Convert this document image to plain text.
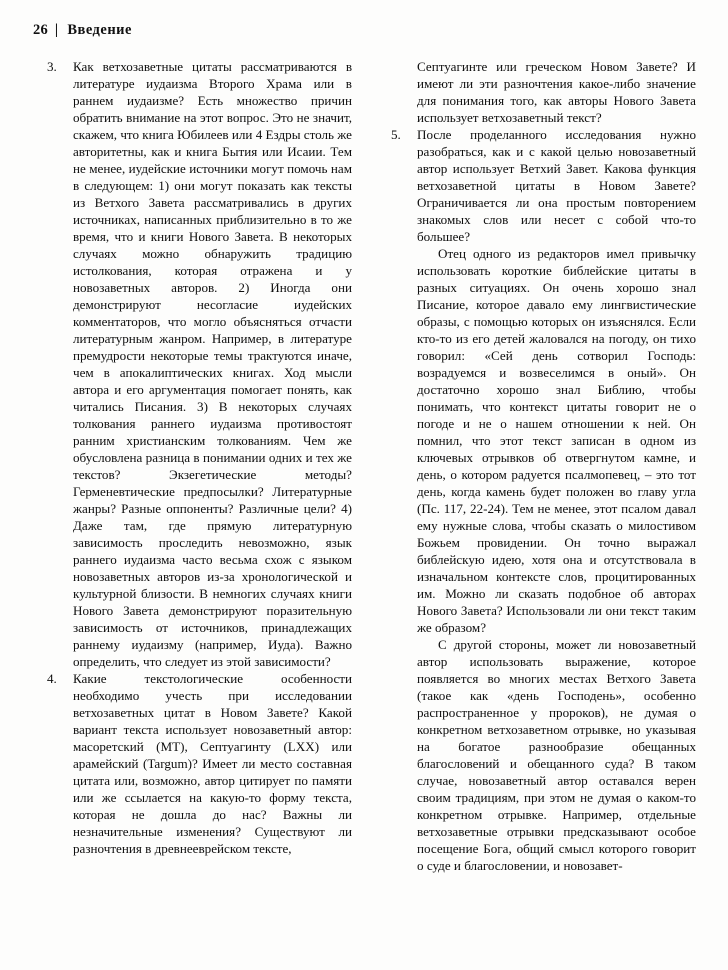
26 | Введение
3.	Как ветхозаветные цитаты рассматриваются в литературе иудаизма Второго Храма или в раннем иудаизме? Есть множество причин обратить внимание на этот вопрос. Это не значит, скажем, что книга Юбилеев или 4 Ездры столь же авторитетны, как и книга Бытия или Исаии. Тем не менее, иудейские источники могут помочь нам в следующем: 1) они могут показать как тексты из Ветхого Завета рассматривались в других источниках, написанных приблизительно в то же время, что и книги Нового Завета. В некоторых случаях можно обнаружить традицию истолкования, которая отражена и у новозаветных авторов. 2) Иногда они демонстрируют несогласие иудейских комментаторов, что могло объясняться отчасти литературным жанром. Например, в литературе премудрости некоторые темы трактуются иначе, чем в апокалиптических книгах. Ход мысли автора и его аргументация помогает понять, как читались Писания. 3) В некоторых случаях толкования раннего иудаизма противостоят ранним христианским толкованиям. Чем же обусловлена разница в понимании одних и тех же текстов? Экзегетические методы? Герменевтические предпосылки? Литературные жанры? Разные оппоненты? Различные цели? 4) Даже там, где прямую литературную зависимость проследить невозможно, язык раннего иудаизма часто весьма схож с языком новозаветных авторов из-за хронологической и культурной близости. В немногих случаях книги Нового Завета демонстрируют поразительную зависимость от источников, принадлежащих раннему иудаизму (например, Иуда). Важно определить, что следует из этой зависимости?
4.	Какие текстологические особенности необходимо учесть при исследовании ветхозаветных цитат в Новом Завете? Какой вариант текста использует новозаветный автор: масоретский (МТ), Септуагинту (LXX) или арамейский (Targum)? Имеет ли место составная цитата или, возможно, автор цитирует по памяти или же ссылается на какую-то форму текста, которая не дошла до нас? Важны ли незначительные изменения? Существуют ли разночтения в древнееврейском тексте,
Септуагинте или греческом Новом Завете? И имеют ли эти разночтения какое-либо значение для понимания того, как авторы Нового Завета использует ветхозаветный текст?
5.	После проделанного исследования нужно разобраться, как и с какой целью новозаветный автор использует Ветхий Завет. Какова функция ветхозаветной цитаты в Новом Завете? Ограничивается ли она простым повторением знакомых слов или несет с собой что-то большее?

Отец одного из редакторов имел привычку использовать короткие библейские цитаты в разных ситуациях. Он очень хорошо знал Писание, которое давало ему лингвистические образы, с помощью которых он изъяснялся. Если кто-то из его детей жаловался на погоду, он тихо говорил: «Сей день сотворил Господь: возрадуемся и возвеселимся в оный». Он достаточно хорошо знал Библию, чтобы понимать, что контекст цитаты говорит не о погоде и не о нашем отношении к ней. Он помнил, что этот текст записан в одном из ключевых отрывков об отвергнутом камне, и день, о котором радуется псалмопевец, – это тот день, когда камень будет положен во главу угла (Пс. 117, 22-24). Тем не менее, этот псалом давал ему нужные слова, чтобы сказать о милостивом Божьем провидении. Он точно выражал библейскую идею, хотя она и отсутствовала в изначальном контексте слов, процитированных им. Можно ли сказать подобное об авторах Нового Завета? Использовали ли они текст таким же образом?

С другой стороны, может ли новозаветный автор использовать выражение, которое появляется во многих местах Ветхого Завета (такое как «день Господень», особенно распространенное у пророков), не думая о конкретном ветхозаветном отрывке, но указывая на богатое разнообразие обещанных благословений и обещанного суда? В таком случае, новозаветный автор оставался верен своим традициям, при этом не думая о каком-то конкретном отрывке. Например, отдельные ветхозаветные отрывки предсказывают особое посещение Бога, общий смысл которого говорит о суде и благословении, и новозавет-
